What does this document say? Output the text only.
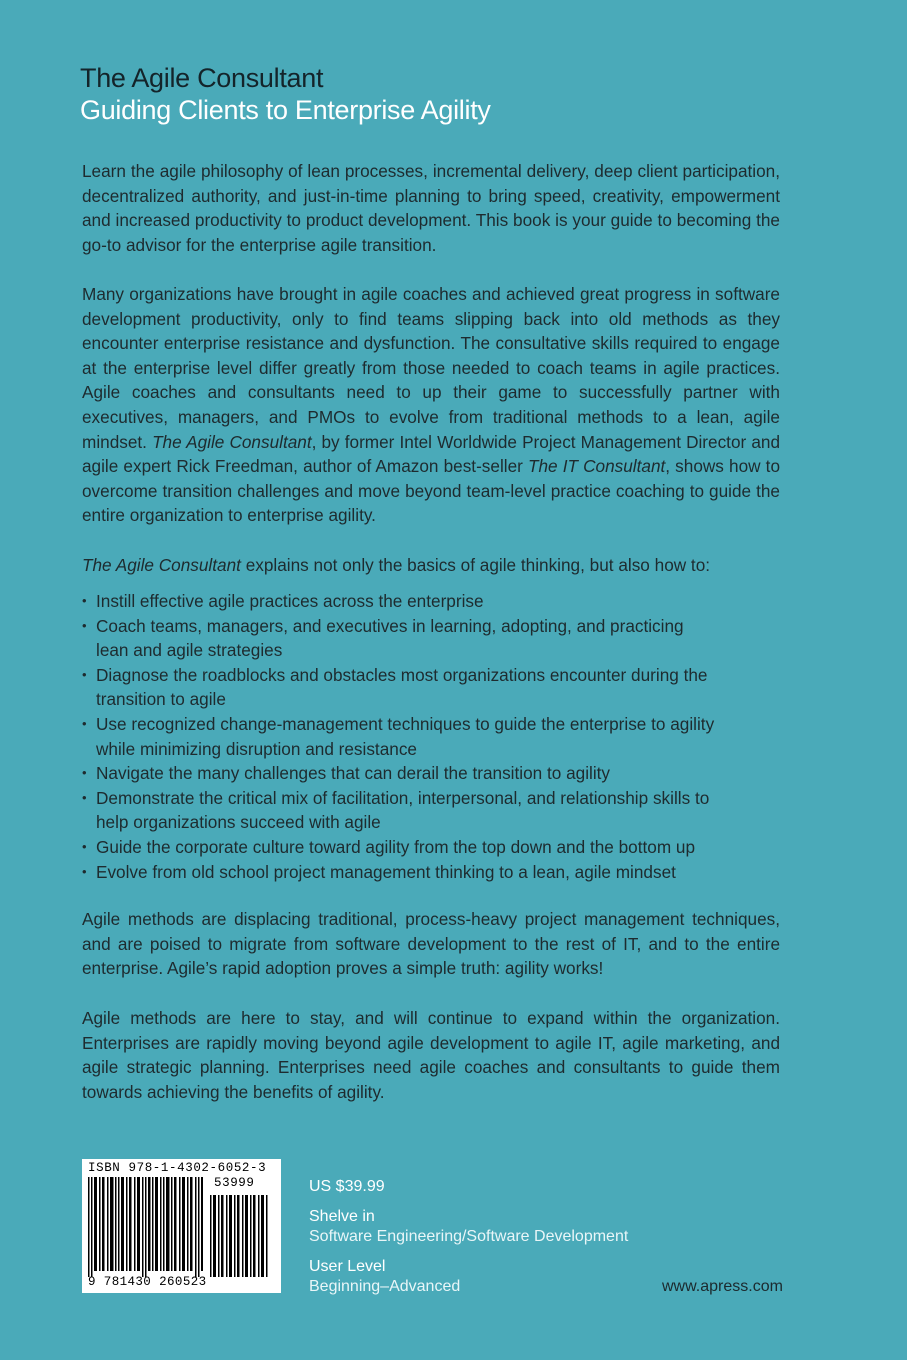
The Agile Consultant
Guiding Clients to Enterprise Agility
Learn the agile philosophy of lean processes, incremental delivery, deep client participation, decentralized authority, and just-in-time planning to bring speed, creativity, empowerment and increased productivity to product development. This book is your guide to becoming the go-to advisor for the enterprise agile transition.
Many organizations have brought in agile coaches and achieved great progress in software development productivity, only to find teams slipping back into old methods as they encounter enterprise resistance and dysfunction. The consultative skills required to engage at the enterprise level differ greatly from those needed to coach teams in agile practices. Agile coaches and consultants need to up their game to successfully partner with executives, managers, and PMOs to evolve from traditional methods to a lean, agile mindset. The Agile Consultant, by former Intel Worldwide Project Management Director and agile expert Rick Freedman, author of Amazon best-seller The IT Consultant, shows how to overcome transition challenges and move beyond team-level practice coaching to guide the entire organization to enterprise agility.
The Agile Consultant explains not only the basics of agile thinking, but also how to:
• Instill effective agile practices across the enterprise
• Coach teams, managers, and executives in learning, adopting, and practicing lean and agile strategies
• Diagnose the roadblocks and obstacles most organizations encounter during the transition to agile
• Use recognized change-management techniques to guide the enterprise to agility while minimizing disruption and resistance
• Navigate the many challenges that can derail the transition to agility
• Demonstrate the critical mix of facilitation, interpersonal, and relationship skills to help organizations succeed with agile
• Guide the corporate culture toward agility from the top down and the bottom up
• Evolve from old school project management thinking to a lean, agile mindset
Agile methods are displacing traditional, process-heavy project management techniques, and are poised to migrate from software development to the rest of IT, and to the entire enterprise. Agile’s rapid adoption proves a simple truth: agility works!
Agile methods are here to stay, and will continue to expand within the organization. Enterprises are rapidly moving beyond agile development to agile IT, agile marketing, and agile strategic planning. Enterprises need agile coaches and consultants to guide them towards achieving the benefits of agility.
ISBN 978-1-4302-6052-3
53999
9 781430 260523
US $39.99
Shelve in
Software Engineering/Software Development
User Level
Beginning–Advanced	www.apress.com
